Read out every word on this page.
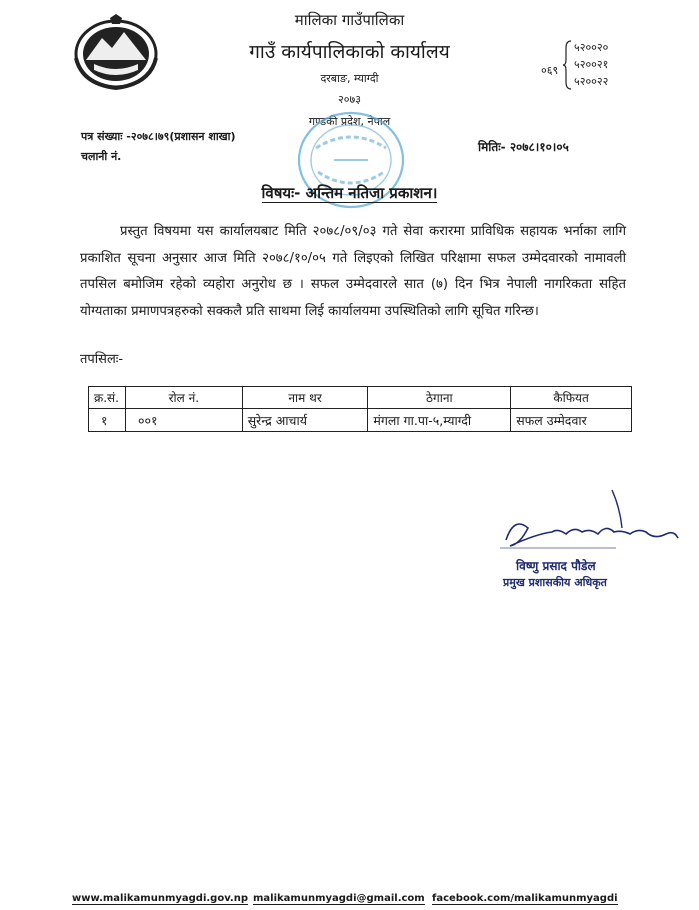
मालिका गाउँपालिका
गाउँ कार्यपालिकाको कार्यालय
दरबाङ, म्याग्दी
२०७३
गण्डकी प्रदेश, नेपाल
०६९
५२००२०
५२००२१
५२००२२
पत्र संख्याः -२०७८।७९(प्रशासन शाखा)
चलानी नं.
मितिः- २०७८।१०।०५
विषयः- अन्तिम नतिजा प्रकाशन।
प्रस्तुत विषयमा यस कार्यालयबाट मिति २०७८/०९/०३ गते सेवा करारमा प्राविधिक सहायक भर्नाका लागि प्रकाशित सूचना अनुसार आज मिति २०७८/१०/०५ गते लिइएको लिखित परिक्षामा सफल उम्मेदवारको नामावली तपसिल बमोजिम रहेको व्यहोरा अनुरोध छ । सफल उम्मेदवारले सात (७) दिन भित्र नेपाली नागरिकता सहित योग्यताका प्रमाणपत्रहरुको सक्कलै प्रति साथमा लिई कार्यालयमा उपस्थितिको लागि सूचित गरिन्छ।
तपसिलः-
क्र.सं.	रोल नं.	नाम थर	ठेगाना	कैफियत
१	००१	सुरेन्द्र आचार्य	मंगला गा.पा-५,म्याग्दी	सफल उम्मेदवार
विष्णु प्रसाद पौडेल
प्रमुख प्रशासकीय अधिकृत
www.malikamunmyagdi.gov.np malikamunmyagdi@gmail.com facebook.com/malikamunmyagdi
